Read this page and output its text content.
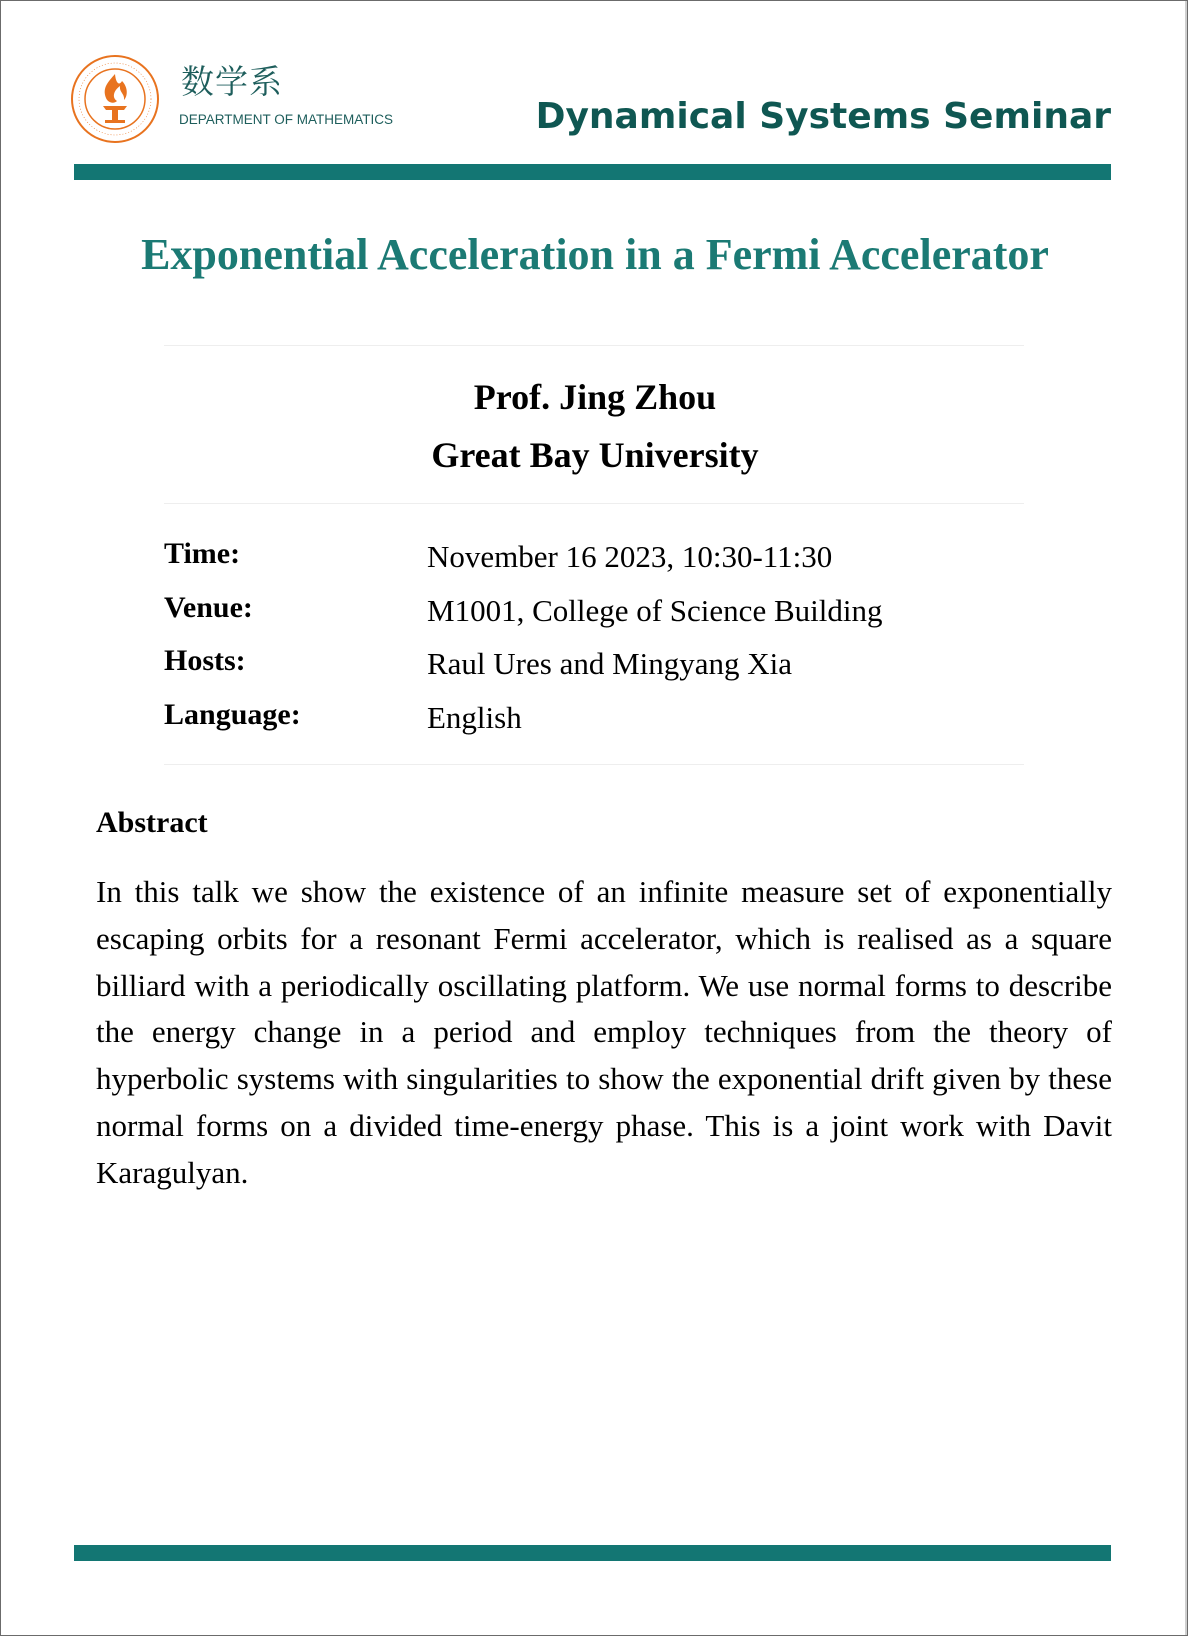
数学系
DEPARTMENT OF MATHEMATICS	Dynamical Systems Seminar
Exponential Acceleration in a Fermi Accelerator
Prof. Jing Zhou
Great Bay University
Time:	November 16 2023, 10:30-11:30
Venue:	M1001, College of Science Building
Hosts:	Raul Ures and Mingyang Xia
Language:	English
Abstract
In this talk we show the existence of an infinite measure set of exponentially escaping orbits for a resonant Fermi accelerator, which is realised as a square billiard with a periodically oscillating platform. We use normal forms to describe the energy change in a period and employ techniques from the theory of hyperbolic systems with singularities to show the exponential drift given by these normal forms on a divided time-energy phase. This is a joint work with Davit Karagulyan.
